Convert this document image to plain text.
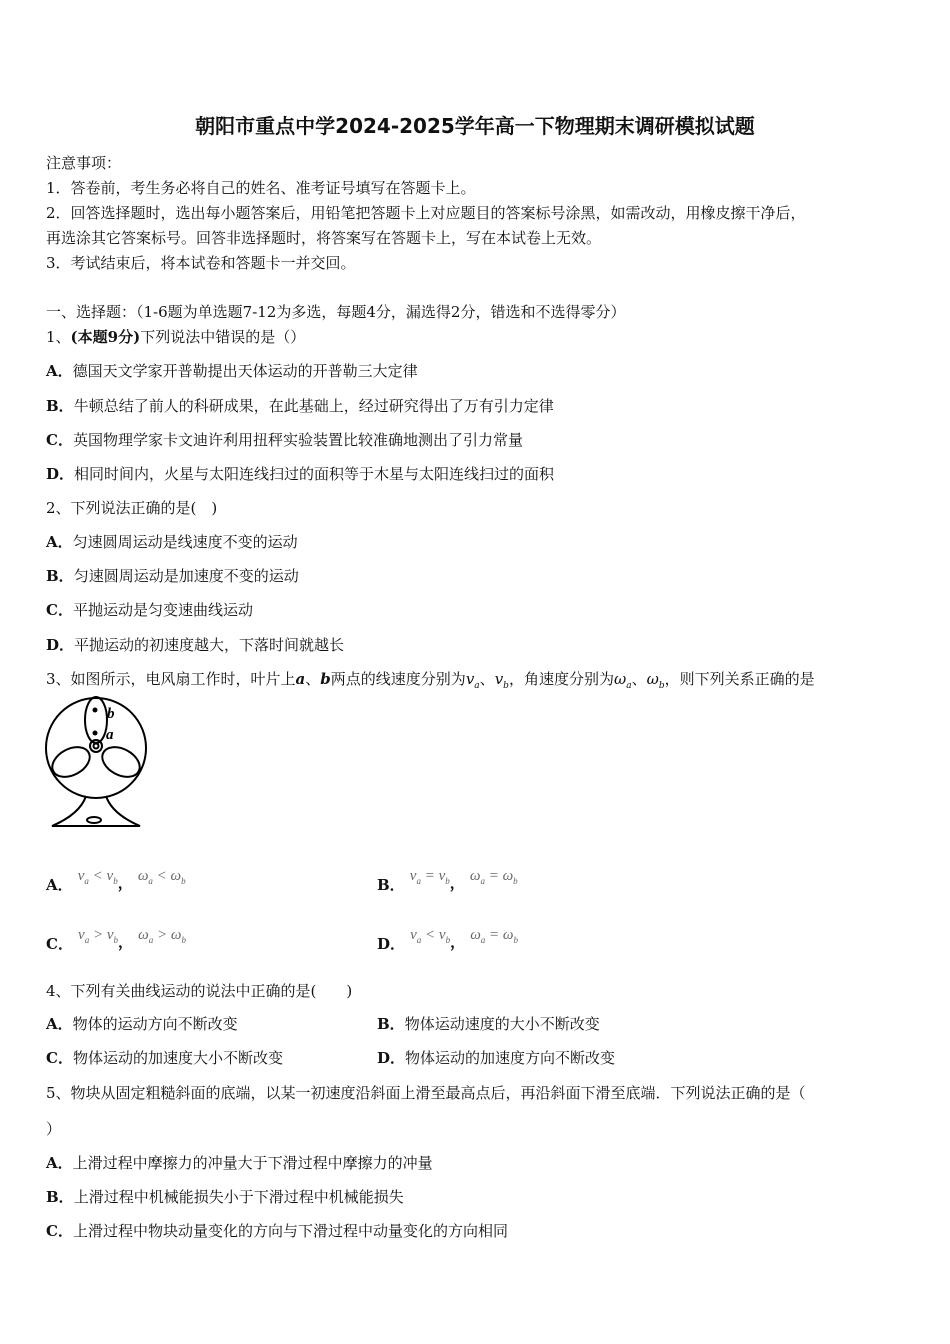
朝阳市重点中学2024-2025学年高一下物理期末调研模拟试题
注意事项：
1．答卷前，考生务必将自己的姓名、准考证号填写在答题卡上。
2．回答选择题时，选出每小题答案后，用铅笔把答题卡上对应题目的答案标号涂黑，如需改动，用橡皮擦干净后，
再选涂其它答案标号。回答非选择题时，将答案写在答题卡上，写在本试卷上无效。
3．考试结束后，将本试卷和答题卡一并交回。
一、选择题：（1-6题为单选题7-12为多选，每题4分，漏选得2分，错选和不选得零分）
1、(本题9分)下列说法中错误的是（）
A．德国天文学家开普勒提出天体运动的开普勒三大定律
B．牛顿总结了前人的科研成果，在此基础上，经过研究得出了万有引力定律
C．英国物理学家卡文迪许利用扭秤实验装置比较准确地测出了引力常量
D．相同时间内，火星与太阳连线扫过的面积等于木星与太阳连线扫过的面积
2、下列说法正确的是(　)
A．匀速圆周运动是线速度不变的运动
B．匀速圆周运动是加速度不变的运动
C．平抛运动是匀变速曲线运动
D．平抛运动的初速度越大，下落时间就越长
3、如图所示，电风扇工作时，叶片上a、b两点的线速度分别为$v_a$、$v_b$，角速度分别为$\omega_a$、$\omega_b$，则下列关系正确的是
b
a
A． $v_a < v_b$， $\omega_a < \omega_b$	B． $v_a = v_b$， $\omega_a = \omega_b$
C． $v_a > v_b$， $\omega_a > \omega_b$	D． $v_a < v_b$， $\omega_a = \omega_b$
4、下列有关曲线运动的说法中正确的是(　　)
A．物体的运动方向不断改变	B．物体运动速度的大小不断改变
C．物体运动的加速度大小不断改变	D．物体运动的加速度方向不断改变
5、物块从固定粗糙斜面的底端，以某一初速度沿斜面上滑至最高点后，再沿斜面下滑至底端．下列说法正确的是（
）
A．上滑过程中摩擦力的冲量大于下滑过程中摩擦力的冲量
B．上滑过程中机械能损失小于下滑过程中机械能损失
C．上滑过程中物块动量变化的方向与下滑过程中动量变化的方向相同
